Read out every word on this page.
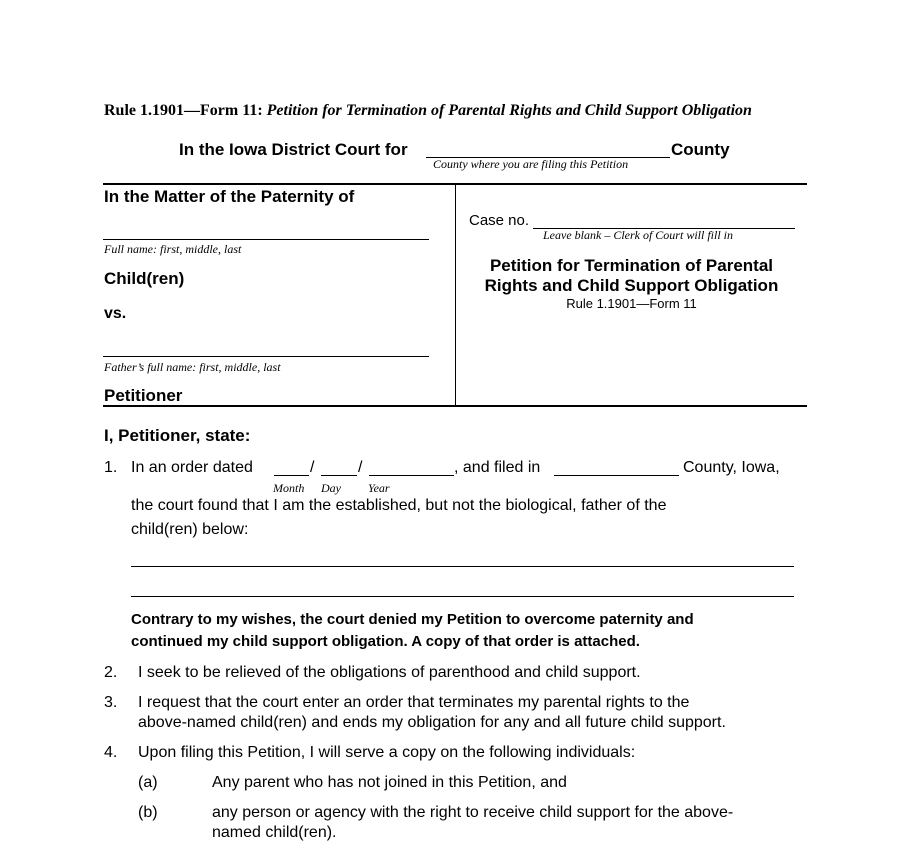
Rule 1.1901—Form 11: Petition for Termination of Parental Rights and Child Support Obligation
In the Iowa District Court for	County
County where you are filing this Petition
In the Matter of the Paternity of
Full name: first, middle, last
Child(ren)
vs.
Father’s full name: first, middle, last
Petitioner
Case no.
Leave blank – Clerk of Court will fill in
Petition for Termination of Parental
Rights and Child Support Obligation
Rule 1.1901—Form 11
I, Petitioner, state:
1. In an order dated	/	/	, and filed in	County, Iowa,
Month Day Year
the court found that I am the established, but not the biological, father of the
child(ren) below:
Contrary to my wishes, the court denied my Petition to overcome paternity and
continued my child support obligation. A copy of that order is attached.
2. I seek to be relieved of the obligations of parenthood and child support.
3. I request that the court enter an order that terminates my parental rights to the
above-named child(ren) and ends my obligation for any and all future child support.
4. Upon filing this Petition, I will serve a copy on the following individuals:
(a)	Any parent who has not joined in this Petition, and
(b)	any person or agency with the right to receive child support for the above-
named child(ren).
